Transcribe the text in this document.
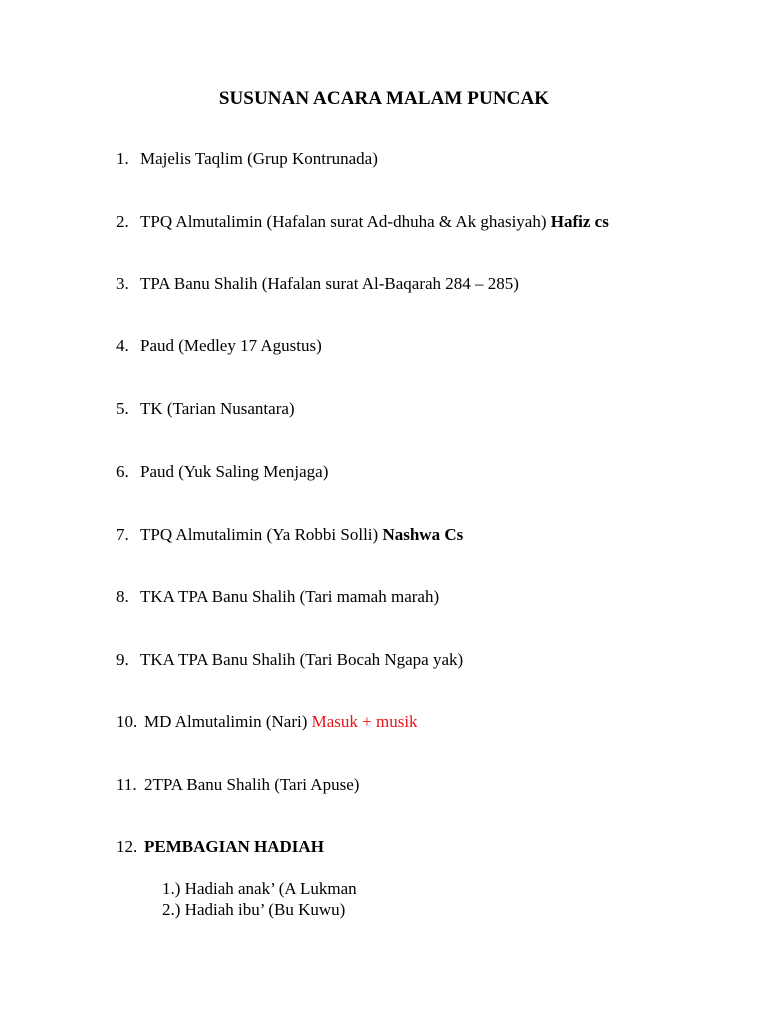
SUSUNAN ACARA MALAM PUNCAK
1. Majelis Taqlim (Grup Kontrunada)
2. TPQ Almutalimin (Hafalan surat Ad-dhuha & Ak ghasiyah) Hafiz cs
3. TPA Banu Shalih (Hafalan surat Al-Baqarah 284 – 285)
4. Paud (Medley 17 Agustus)
5. TK (Tarian Nusantara)
6. Paud (Yuk Saling Menjaga)
7. TPQ Almutalimin (Ya Robbi Solli) Nashwa Cs
8. TKA TPA Banu Shalih (Tari mamah marah)
9. TKA TPA Banu Shalih (Tari Bocah Ngapa yak)
10. MD Almutalimin (Nari) Masuk + musik
11. 2TPA Banu Shalih (Tari Apuse)
12. PEMBAGIAN HADIAH
1.) Hadiah anak’ (A Lukman
2.) Hadiah ibu’ (Bu Kuwu)
